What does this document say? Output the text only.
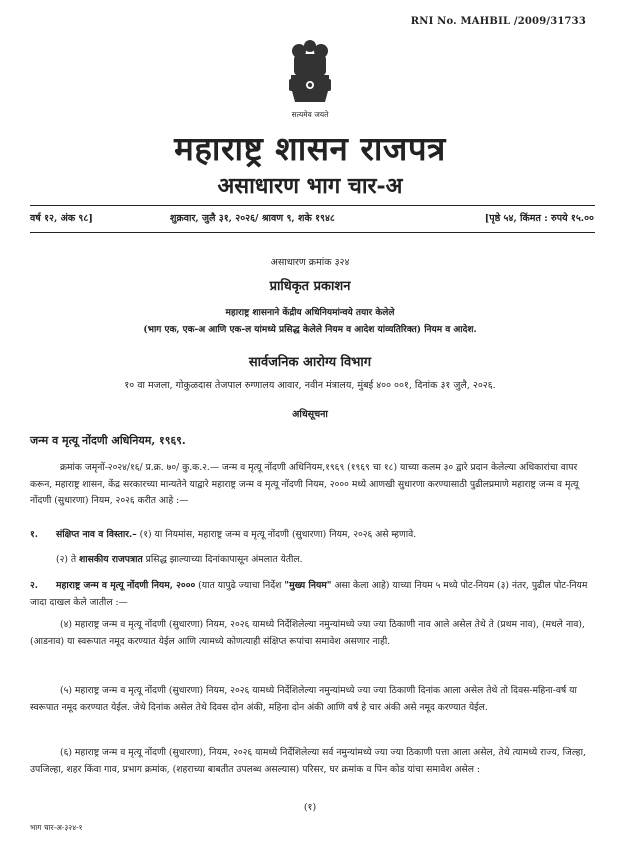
RNI No. MAHBIL /2009/31733
सत्यमेव जयते
महाराष्ट्र शासन राजपत्र
असाधारण भाग चार-अ
वर्ष १२, अंक ९८]	शुक्रवार, जुलै ३१, २०२६/ श्रावण ९, शके १९४८	[पृष्ठे ५४, किंमत : रुपये १५.००
असाधारण क्रमांक ३२४
प्राधिकृत प्रकाशन
महाराष्ट्र शासनाने केंद्रीय अधिनियमांन्वये तयार केलेले
(भाग एक, एक-अ आणि एक-ल यांमध्ये प्रसिद्ध केलेले नियम व आदेश यांव्यतिरिक्त) नियम व आदेश.
सार्वजनिक आरोग्य विभाग
१० वा मजला, गोकुळदास तेजपाल रुग्णालय आवार, नवीन मंत्रालय, मुंबई ४०० ००१, दिनांक ३१ जुलै, २०२६.
अधिसूचना
जन्म व मृत्यू नोंदणी अधिनियम, १९६९.
क्रमांक जमृनों-२०२४/१६/ प्र.क्र. ७०/ कु.क.२.— जन्म व मृत्यू नोंदणी अधिनियम,१९६९ (१९६९ चा १८) याच्या कलम ३० द्वारे प्रदान केलेल्या अधिकारांचा वापर करून, महाराष्ट्र शासन, केंद्र सरकारच्या मान्यतेने याद्वारे महाराष्ट्र जन्म व मृत्यू नोंदणी नियम, २००० मध्ये आणखी सुधारणा करण्यासाठी पुढीलप्रमाणे महाराष्ट्र जन्म व मृत्यू नोंदणी (सुधारणा) नियम, २०२६ करीत आहे :—
१. संक्षिप्त नाव व विस्तार.– (१) या नियमांस, महाराष्ट्र जन्म व मृत्यू नोंदणी (सुधारणा) नियम, २०२६ असे म्हणावे.
(२) ते शासकीय राजपत्रात प्रसिद्ध झाल्याच्या दिनांकापासून अंमलात येतील.
२. महाराष्ट्र जन्म व मृत्यू नोंदणी नियम, २००० (यात यापुढे ज्याचा निर्देश "मुख्य नियम" असा केला आहे) याच्या नियम ५ मध्ये पोट-नियम (३) नंतर, पुढील पोट-नियम जादा दाखल केले जातील :—
(४) महाराष्ट्र जन्म व मृत्यू नोंदणी (सुधारणा) नियम, २०२६ यामध्ये निर्देशिलेल्या नमुन्यांमध्ये ज्या ज्या ठिकाणी नाव आले असेल तेथे ते (प्रथम नाव), (मधले नाव), (आडनाव) या स्वरूपात नमूद करण्यात येईल आणि त्यामध्ये कोणत्याही संक्षिप्त रूपांचा समावेश असणार नाही.
(५) महाराष्ट्र जन्म व मृत्यू नोंदणी (सुधारणा) नियम, २०२६ यामध्ये निर्देशिलेल्या नमुन्यांमध्ये ज्या ज्या ठिकाणी दिनांक आला असेल तेथे तो दिवस-महिना-वर्ष या स्वरूपात नमूद करण्यात येईल. जेथे दिनांक असेल तेथे दिवस दोन अंकी, महिना दोन अंकी आणि वर्ष हे चार अंकी असे नमूद करण्यात येईल.
(६) महाराष्ट्र जन्म व मृत्यू नोंदणी (सुधारणा), नियम, २०२६ यामध्ये निर्देशिलेल्या सर्व नमुन्यांमध्ये ज्या ज्या ठिकाणी पत्ता आला असेल, तेथे त्यामध्ये राज्य, जिल्हा, उपजिल्हा, शहर किंवा गाव, प्रभाग क्रमांक, (शहराच्या बाबतीत उपलब्ध असल्यास) परिसर, घर क्रमांक व पिन कोड यांचा समावेश असेल :
(१)
भाग चार-अ-३२४-१
